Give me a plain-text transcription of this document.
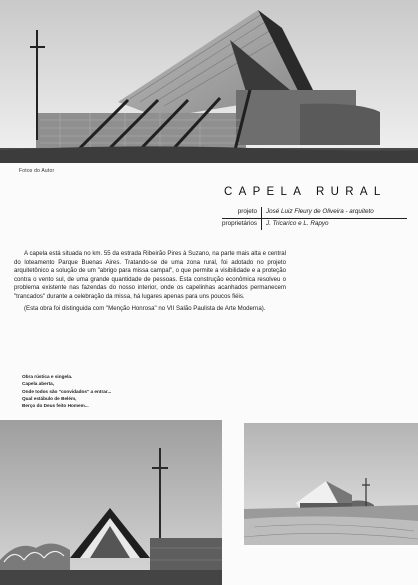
Fotos do Autor
CAPELA RURAL
projeto	José Luiz Fleury de Oliveira - arquiteto
proprietários	J. Tricarico e L. Rapyo

A capela está situada no km. 55 da estrada Ribeirão Pires à Suzano, na parte mais alta e central do loteamento Parque Buenas Aires. Tratando-se de uma zona rural, foi adotado no projeto arquitetônico a solução de um "abrigo para missa campal", o que permite a visibilidade e a proteção contra o vento sul, de uma grande quantidade de pessoas. Esta construção econômica resolveu o problema existente nas fazendas do nosso interior, onde os capelinhas acanhados permanecem "trancados" durante a celebração da missa, há lugares apenas para uns poucos fiéis.

(Esta obra foi distinguida com "Menção Honrosa" no VII Salão Paulista de Arte Moderna).

Obra rústica e singela.
Capela aberta,
Onde todos são "convidados" a entrar...
Qual estábulo de Belém,
Berço do Deus feito Homem...
